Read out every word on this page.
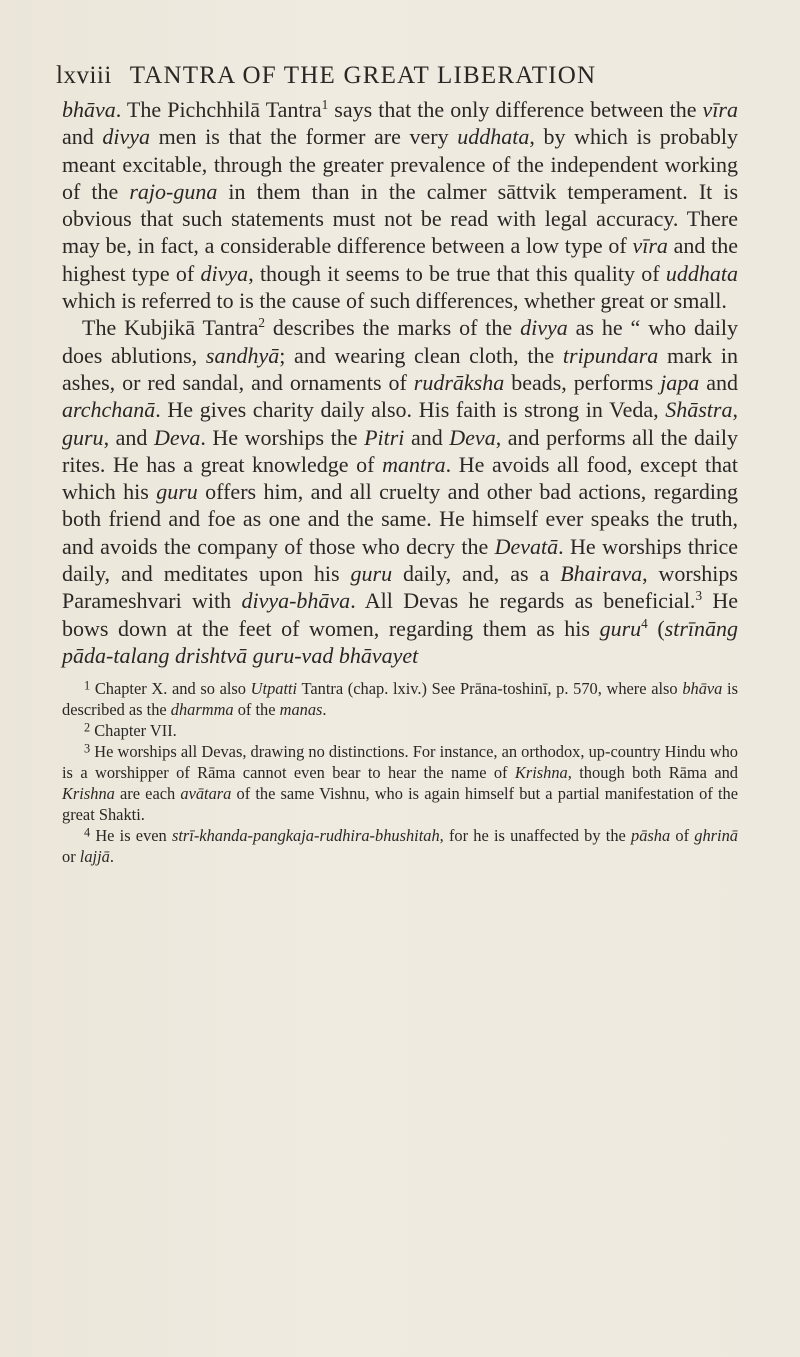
lxviii TANTRA OF THE GREAT LIBERATION

bhāva. The Pichchhilā Tantra$^1$ says that the only difference between the vīra and divya men is that the former are very uddhata, by which is probably meant excitable, through the greater prevalence of the independent working of the rajo-guna in them than in the calmer sāttvik temperament. It is obvious that such statements must not be read with legal accuracy. There may be, in fact, a considerable difference between a low type of vīra and the highest type of divya, though it seems to be true that this quality of uddhata which is referred to is the cause of such differences, whether great or small.

The Kubjikā Tantra$^2$ describes the marks of the divya as he “ who daily does ablutions, sandhyā; and wearing clean cloth, the tripundara mark in ashes, or red sandal, and ornaments of rudrāksha beads, performs japa and archchanā. He gives charity daily also. His faith is strong in Veda, Shāstra, guru, and Deva. He worships the Pitri and Deva, and performs all the daily rites. He has a great knowledge of mantra. He avoids all food, except that which his guru offers him, and all cruelty and other bad actions, regarding both friend and foe as one and the same. He himself ever speaks the truth, and avoids the company of those who decry the Devatā. He worships thrice daily, and meditates upon his guru daily, and, as a Bhairava, worships Parameshvari with divya-bhāva. All Devas he regards as beneficial.$^3$ He bows down at the feet of women, regarding them as his guru$^4$ (strīnāng pāda-talang drishtvā guru-vad bhāvayet

$^1$ Chapter X. and so also Utpatti Tantra (chap. lxiv.) See Prāna-toshinī, p. 570, where also bhāva is described as the dharmma of the manas.

$^2$ Chapter VII.

$^3$ He worships all Devas, drawing no distinctions. For instance, an orthodox, up-country Hindu who is a worshipper of Rāma cannot even bear to hear the name of Krishna, though both Rāma and Krishna are each avātara of the same Vishnu, who is again himself but a partial manifestation of the great Shakti.

$^4$ He is even strī-khanda-pangkaja-rudhira-bhushitah, for he is unaffected by the pāsha of ghrinā or lajjā.
